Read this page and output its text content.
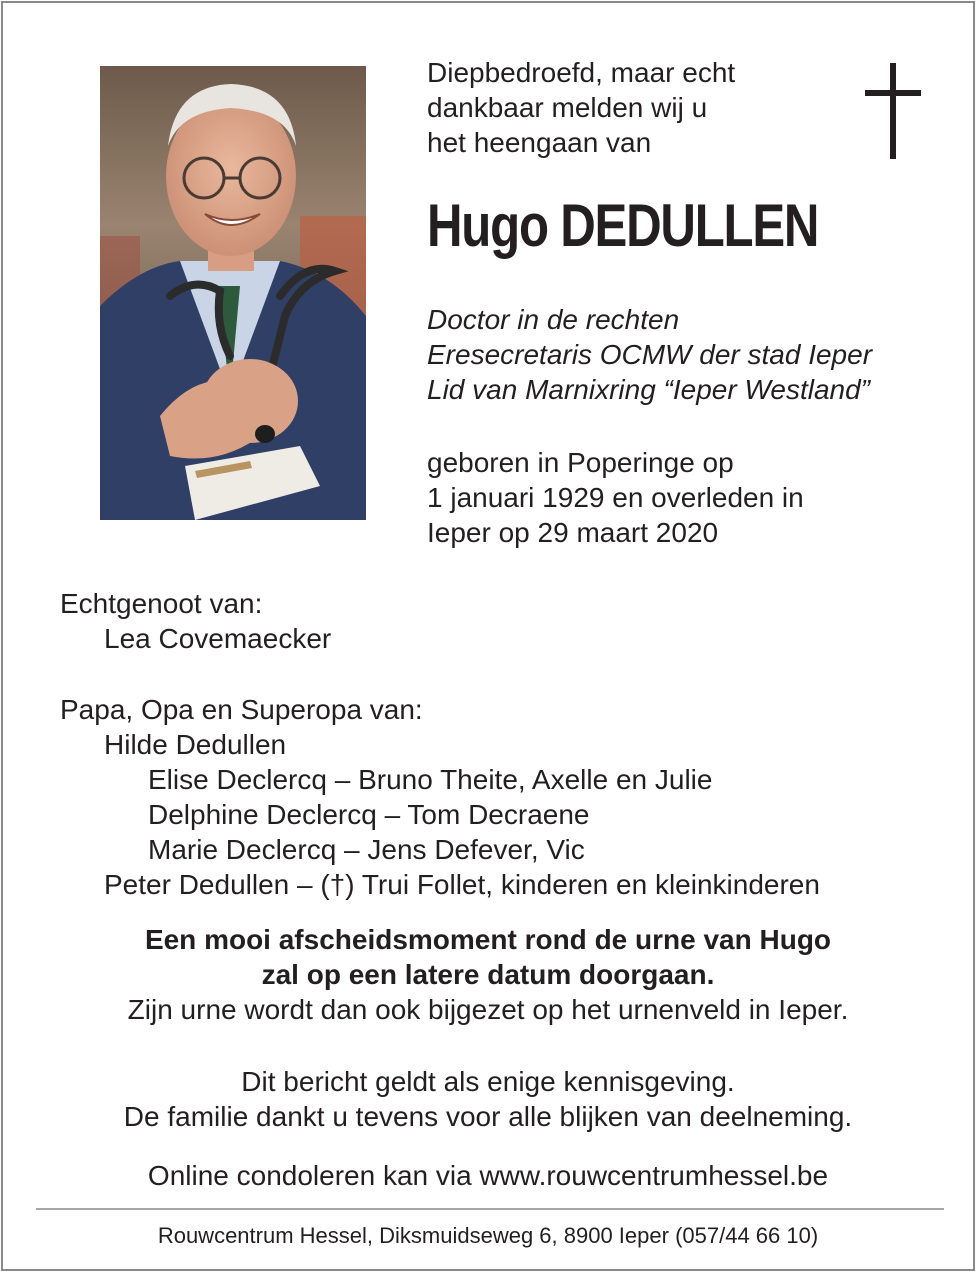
Diepbedroefd, maar echt
dankbaar melden wij u
het heengaan van
Hugo DEDULLEN
Doctor in de rechten
Eresecretaris OCMW der stad Ieper
Lid van Marnixring “Ieper Westland”
geboren in Poperinge op
1 januari 1929 en overleden in
Ieper op 29 maart 2020
Echtgenoot van:
Lea Covemaecker
Papa, Opa en Superopa van:
Hilde Dedullen
Elise Declercq – Bruno Theite, Axelle en Julie
Delphine Declercq – Tom Decraene
Marie Declercq – Jens Defever, Vic
Peter Dedullen – (†) Trui Follet, kinderen en kleinkinderen
Een mooi afscheidsmoment rond de urne van Hugo
zal op een latere datum doorgaan.
Zijn urne wordt dan ook bijgezet op het urnenveld in Ieper.
Dit bericht geldt als enige kennisgeving.
De familie dankt u tevens voor alle blijken van deelneming.
Online condoleren kan via www.rouwcentrumhessel.be
Rouwcentrum Hessel, Diksmuidseweg 6, 8900 Ieper (057/44 66 10)
